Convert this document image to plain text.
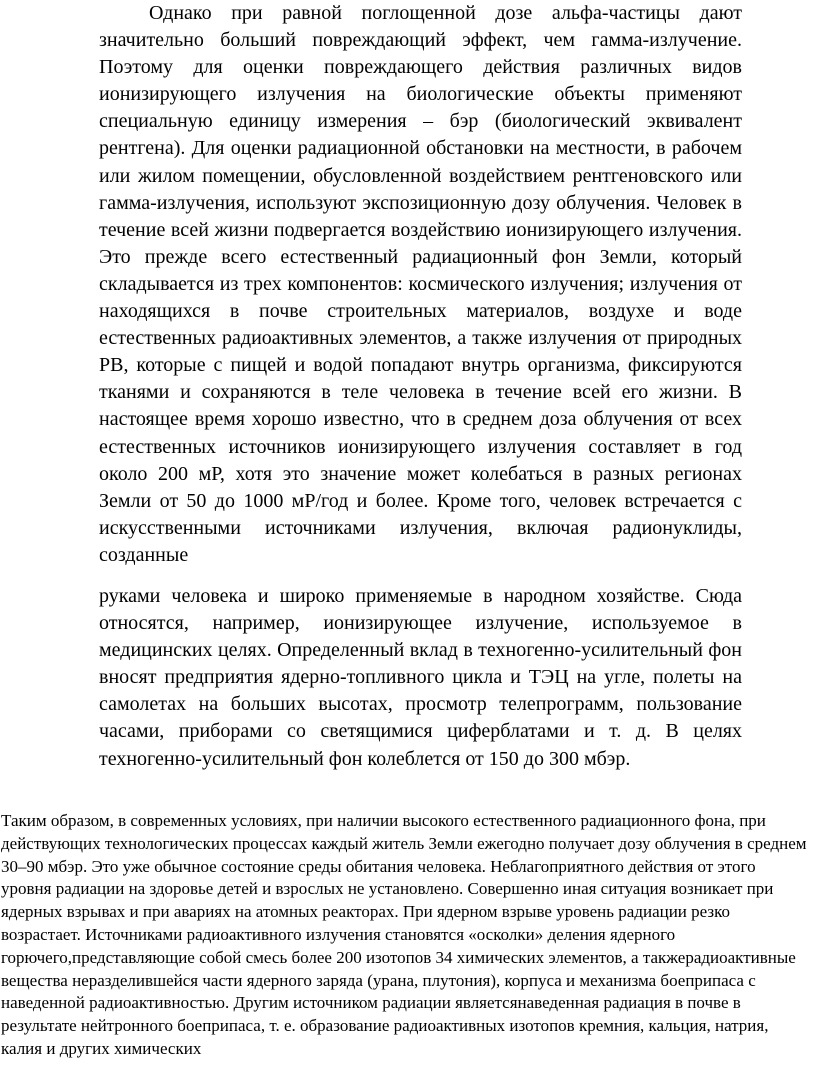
Однако при равной поглощенной дозе альфа-частицы дают значительно больший повреждающий эффект, чем гамма-излучение. Поэтому для оценки повреждающего действия различных видов ионизирующего излучения на биологические объекты применяют специальную единицу измерения – бэр (биологический эквивалент рентгена). Для оценки радиационной обстановки на местности, в рабочем или жилом помещении, обусловленной воздействием рентгеновского или гамма-излучения, используют экспозиционную дозу облучения. Человек в течение всей жизни подвергается воздействию ионизирующего излучения. Это прежде всего естественный радиационный фон Земли, который складывается из трех компонентов: космического излучения; излучения от находящихся в почве строительных материалов, воздухе и воде естественных радиоактивных элементов, а также излучения от природных РВ, которые с пищей и водой попадают внутрь организма, фиксируются тканями и сохраняются в теле человека в течение всей его жизни. В настоящее время хорошо известно, что в среднем доза облучения от всех естественных источников ионизирующего излучения составляет в год около 200 мР, хотя это значение может колебаться в разных регионах Земли от 50 до 1000 мР/год и более. Кроме того, человек встречается с искусственными источниками излучения, включая радионуклиды, созданные

руками человека и широко применяемые в народном хозяйстве. Сюда относятся, например, ионизирующее излучение, используемое в медицинских целях. Определенный вклад в техногенно-усилительный фон вносят предприятия ядерно-топливного цикла и ТЭЦ на угле, полеты на самолетах на больших высотах, просмотр телепрограмм, пользование часами, приборами со светящимися циферблатами и т. д. В целях техногенно-усилительный фон колеблется от 150 до 300 мбэр.

Таким образом, в современных условиях, при наличии высокого естественного радиационного фона, при действующих технологических процессах каждый житель Земли ежегодно получает дозу облучения в среднем 30–90 мбэр. Это уже обычное состояние среды обитания человека. Неблагоприятного действия от этого уровня радиации на здоровье детей и взрослых не установлено. Совершенно иная ситуация возникает при ядерных взрывах и при авариях на атомных реакторах. При ядерном взрыве уровень радиации резко возрастает. Источниками радиоактивного излучения становятся «осколки» деления ядерного горючего,представляющие собой смесь более 200 изотопов 34 химических элементов, а такжерадиоактивные вещества неразделившейся части ядерного заряда (урана, плутония), корпуса и механизма боеприпаса с наведенной радиоактивностью. Другим источником радиации являетсянаведенная радиация в почве в результате нейтронного боеприпаса, т. е. образование радиоактивных изотопов кремния, кальция, натрия, калия и других химических
